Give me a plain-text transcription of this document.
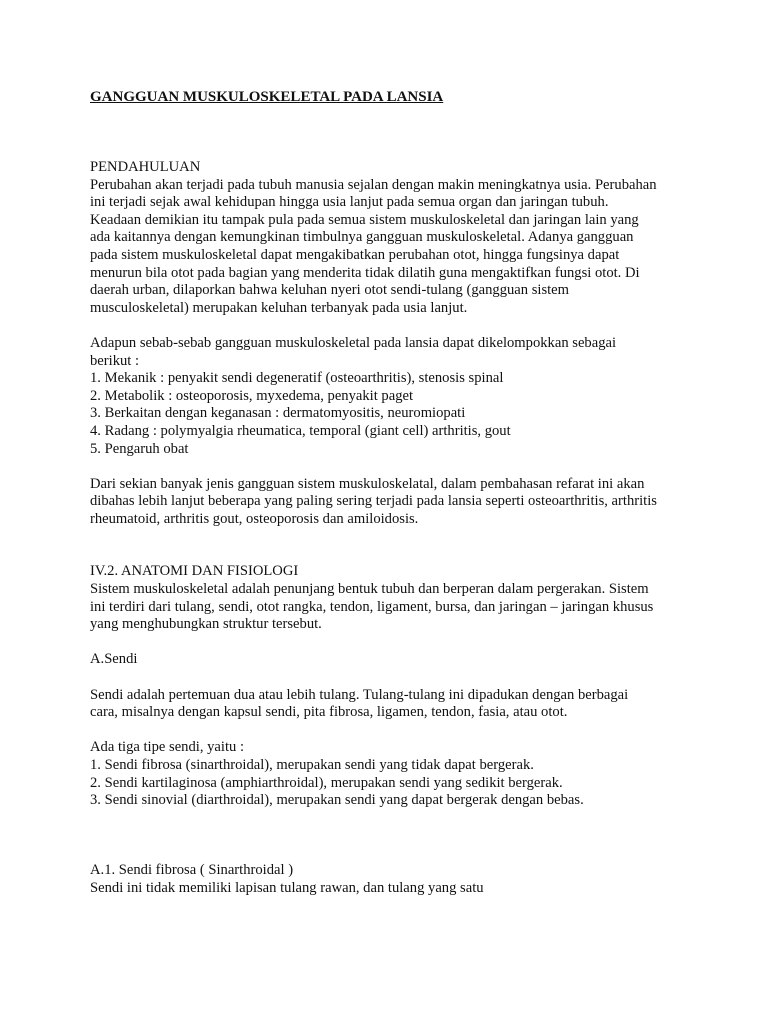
GANGGUAN MUSKULOSKELETAL PADA LANSIA

PENDAHULUAN

Perubahan akan terjadi pada tubuh manusia sejalan dengan makin meningkatnya usia. Perubahan

ini terjadi sejak awal kehidupan hingga usia lanjut pada semua organ dan jaringan tubuh.

Keadaan demikian itu tampak pula pada semua sistem muskuloskeletal dan jaringan lain yang

ada kaitannya dengan kemungkinan timbulnya gangguan muskuloskeletal. Adanya gangguan

pada sistem muskuloskeletal dapat mengakibatkan perubahan otot, hingga fungsinya dapat

menurun bila otot pada bagian yang menderita tidak dilatih guna mengaktifkan fungsi otot. Di

daerah urban, dilaporkan bahwa keluhan nyeri otot sendi-tulang (gangguan sistem

musculoskeletal) merupakan keluhan terbanyak pada usia lanjut.

Adapun sebab-sebab gangguan muskuloskeletal pada lansia dapat dikelompokkan sebagai

berikut :

1. Mekanik : penyakit sendi degeneratif (osteoarthritis), stenosis spinal

2. Metabolik : osteoporosis, myxedema, penyakit paget

3. Berkaitan dengan keganasan : dermatomyositis, neuromiopati

4. Radang : polymyalgia rheumatica, temporal (giant cell) arthritis, gout

5. Pengaruh obat

Dari sekian banyak jenis gangguan sistem muskuloskelatal, dalam pembahasan refarat ini akan

dibahas lebih lanjut beberapa yang paling sering terjadi pada lansia seperti osteoarthritis, arthritis

rheumatoid, arthritis gout, osteoporosis dan amiloidosis.

IV.2. ANATOMI DAN FISIOLOGI

Sistem muskuloskeletal adalah penunjang bentuk tubuh dan berperan dalam pergerakan. Sistem

ini terdiri dari tulang, sendi, otot rangka, tendon, ligament, bursa, dan jaringan – jaringan khusus

yang menghubungkan struktur tersebut.

A.Sendi

Sendi adalah pertemuan dua atau lebih tulang. Tulang-tulang ini dipadukan dengan berbagai

cara, misalnya dengan kapsul sendi, pita fibrosa, ligamen, tendon, fasia, atau otot.

Ada tiga tipe sendi, yaitu :

1. Sendi fibrosa (sinarthroidal), merupakan sendi yang tidak dapat bergerak.

2. Sendi kartilaginosa (amphiarthroidal), merupakan sendi yang sedikit bergerak.

3. Sendi sinovial (diarthroidal), merupakan sendi yang dapat bergerak dengan bebas.

A.1. Sendi fibrosa ( Sinarthroidal )

Sendi ini tidak memiliki lapisan tulang rawan, dan tulang yang satu
